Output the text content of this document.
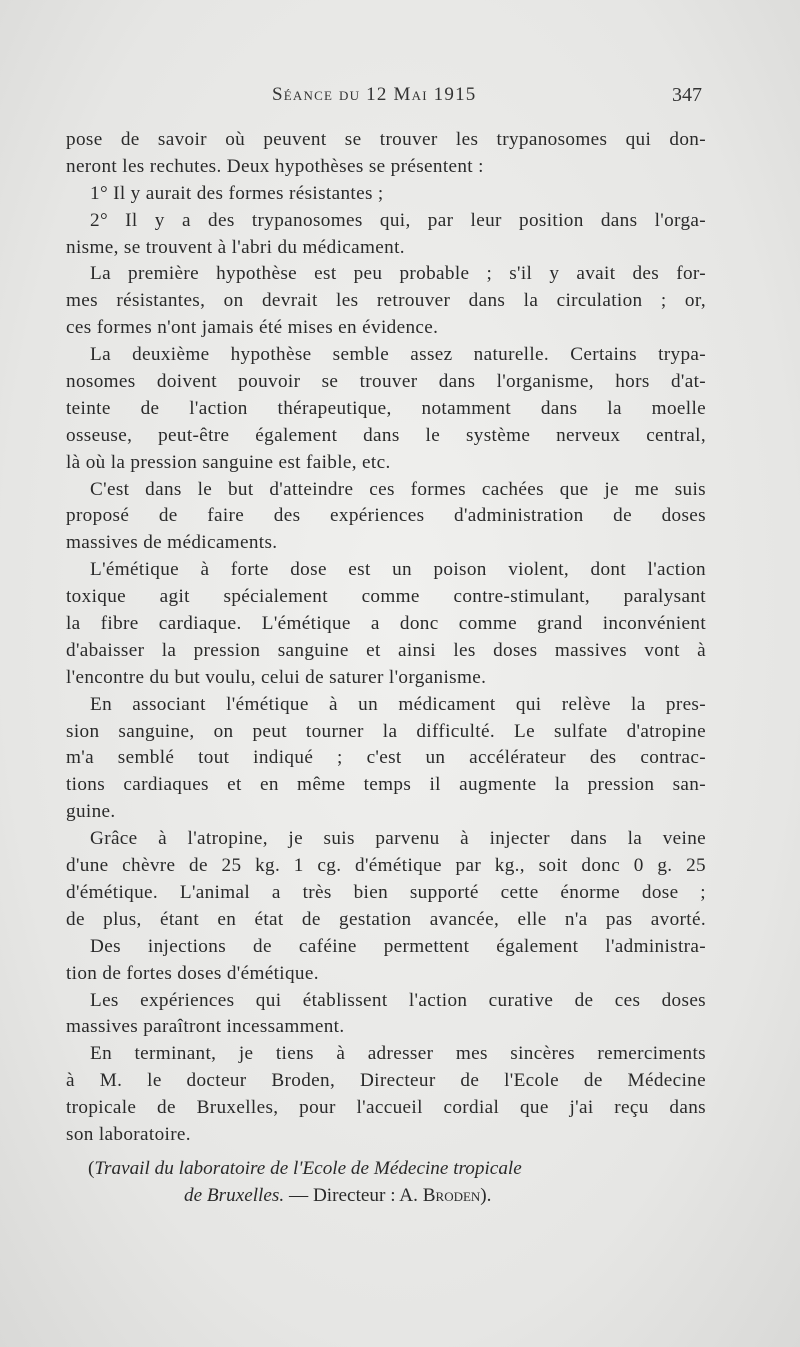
Séance du 12 Mai 1915	347
pose de savoir où peuvent se trouver les trypanosomes qui don-
neront les rechutes. Deux hypothèses se présentent :
1° Il y aurait des formes résistantes ;
2° Il y a des trypanosomes qui, par leur position dans l'orga-
nisme, se trouvent à l'abri du médicament.
La première hypothèse est peu probable ; s'il y avait des for-
mes résistantes, on devrait les retrouver dans la circulation ; or,
ces formes n'ont jamais été mises en évidence.
La deuxième hypothèse semble assez naturelle. Certains trypa-
nosomes doivent pouvoir se trouver dans l'organisme, hors d'at-
teinte de l'action thérapeutique, notamment dans la moelle
osseuse, peut-être également dans le système nerveux central,
là où la pression sanguine est faible, etc.
C'est dans le but d'atteindre ces formes cachées que je me suis
proposé de faire des expériences d'administration de doses
massives de médicaments.
L'émétique à forte dose est un poison violent, dont l'action
toxique agit spécialement comme contre-stimulant, paralysant
la fibre cardiaque. L'émétique a donc comme grand inconvénient
d'abaisser la pression sanguine et ainsi les doses massives vont à
l'encontre du but voulu, celui de saturer l'organisme.
En associant l'émétique à un médicament qui relève la pres-
sion sanguine, on peut tourner la difficulté. Le sulfate d'atropine
m'a semblé tout indiqué ; c'est un accélérateur des contrac-
tions cardiaques et en même temps il augmente la pression san-
guine.
Grâce à l'atropine, je suis parvenu à injecter dans la veine
d'une chèvre de 25 kg. 1 cg. d'émétique par kg., soit donc 0 g. 25
d'émétique. L'animal a très bien supporté cette énorme dose ;
de plus, étant en état de gestation avancée, elle n'a pas avorté.
Des injections de caféine permettent également l'administra-
tion de fortes doses d'émétique.
Les expériences qui établissent l'action curative de ces doses
massives paraîtront incessamment.
En terminant, je tiens à adresser mes sincères remerciments
à M. le docteur Broden, Directeur de l'Ecole de Médecine
tropicale de Bruxelles, pour l'accueil cordial que j'ai reçu dans
son laboratoire.
(Travail du laboratoire de l'Ecole de Médecine tropicale
de Bruxelles. — Directeur : A. Broden).
